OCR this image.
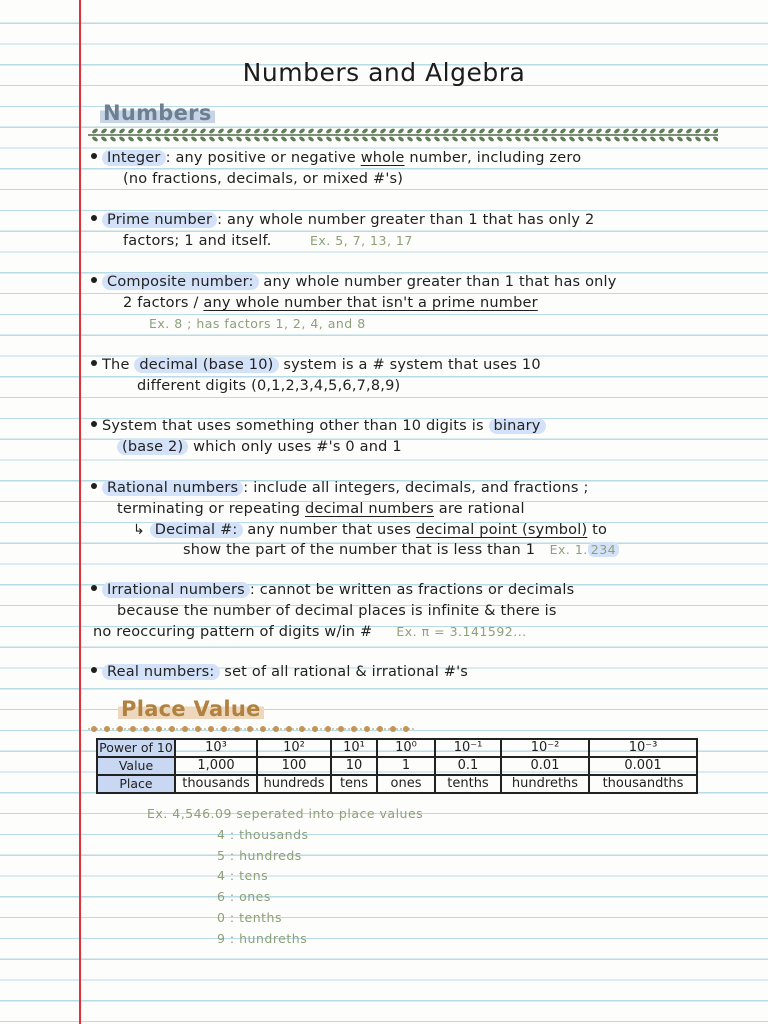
Numbers and Algebra
Numbers
Integer : any positive or negative whole number, including zero
(no fractions, decimals, or mixed #'s)
Prime number : any whole number greater than 1 that has only 2
factors; 1 and itself.	Ex. 5, 7, 13, 17
Composite number: any whole number greater than 1 that has only
2 factors / any whole number that isn't a prime number
Ex. 8 ; has factors 1, 2, 4, and 8
The decimal (base 10) system is a # system that uses 10
different digits (0,1,2,3,4,5,6,7,8,9)
System that uses something other than 10 digits is binary
(base 2) which only uses #'s 0 and 1
Rational numbers : include all integers, decimals, and fractions ;
terminating or repeating decimal numbers are rational
↳ Decimal #: any number that uses decimal point (symbol) to
show the part of the number that is less than 1 Ex. 1. 234
Irrational numbers : cannot be written as fractions or decimals
because the number of decimal places is infinite & there is
no reoccuring pattern of digits w/in # Ex. π = 3.141592...
Real numbers: set of all rational & irrational #'s
Place Value
Power of 10	10³	10²	10¹	10⁰	10⁻¹	10⁻²	10⁻³
Value	1,000	100	10	1	0.1	0.01	0.001
Place	thousands	hundreds	tens	ones	tenths	hundreths	thousandths
Ex. 4,546.09 seperated into place values
4 : thousands
5 : hundreds
4 : tens
6 : ones
0 : tenths
9 : hundreths
